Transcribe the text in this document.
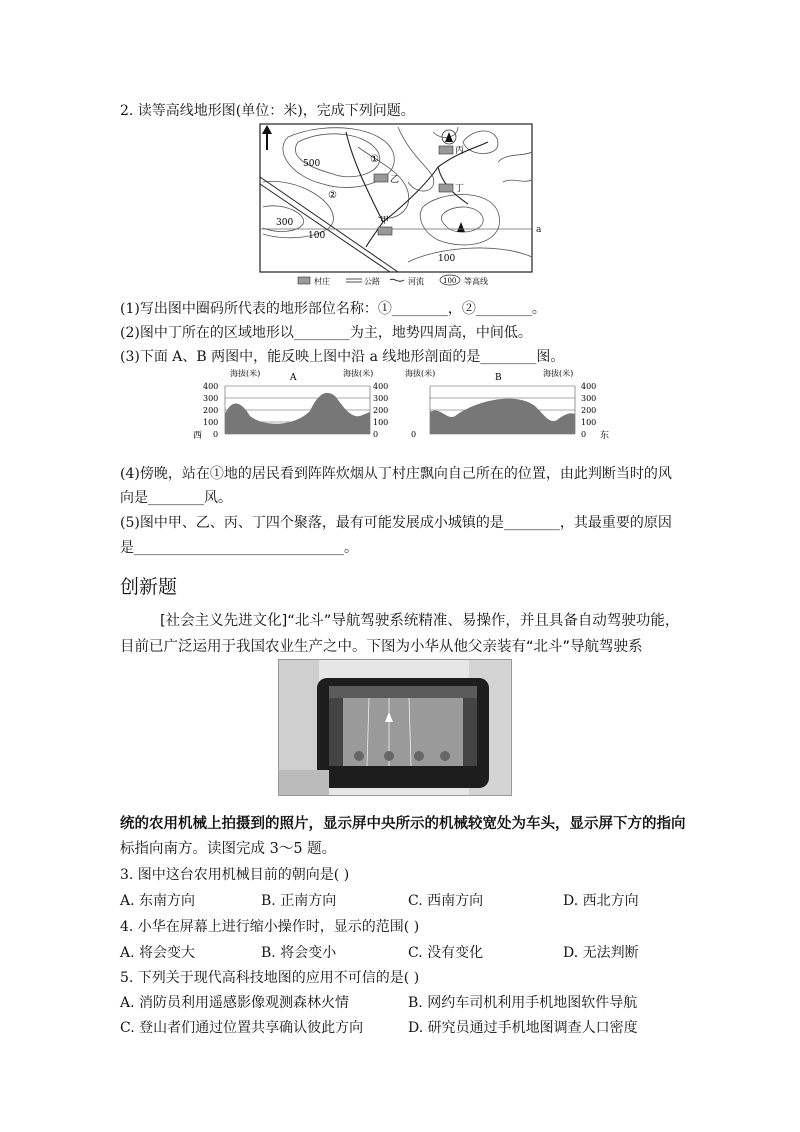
2. 读等高线地形图(单位：米)，完成下列问题。
a
乙
丙
丁
甲
①
②
500
300
100
100
村庄	公路	河流	100 等高线
(1)写出图中圈码所代表的地形部位名称：①________，②________。
(2)图中丁所在的区域地形以________为主，地势四周高，中间低。
(3)下面 A、B 两图中，能反映上图中沿 a 线地形剖面的是________图。
海拔(米)	A	海拔(米)
400
300
200
100
0
400
300
200
100
0
西
海拔(米)	B	海拔(米)
0
400
300
200
100
0 东
(4)傍晚，站在①地的居民看到阵阵炊烟从丁村庄飘向自己所在的位置，由此判断当时的风
向是________风。
(5)图中甲、乙、丙、丁四个聚落，最有可能发展成小城镇的是________，其最重要的原因
是______________________________。
创新题
[社会主义先进文化]“北斗”导航驾驶系统精准、易操作，并且具备自动驾驶功能，
目前已广泛运用于我国农业生产之中。下图为小华从他父亲装有“北斗”导航驾驶系
统的农用机械上拍摄到的照片，显示屏中央所示的机械较宽处为车头，显示屏下方的指向
标指向南方。读图完成 3～5 题。
3. 图中这台农用机械目前的朝向是( )
A. 东南方向	B. 正南方向	C. 西南方向	D. 西北方向
4. 小华在屏幕上进行缩小操作时，显示的范围( )
A. 将会变大	B. 将会变小	C. 没有变化	D. 无法判断
5. 下列关于现代高科技地图的应用不可信的是( )
A. 消防员利用遥感影像观测森林火情	B. 网约车司机利用手机地图软件导航
C. 登山者们通过位置共享确认彼此方向	D. 研究员通过手机地图调查人口密度
